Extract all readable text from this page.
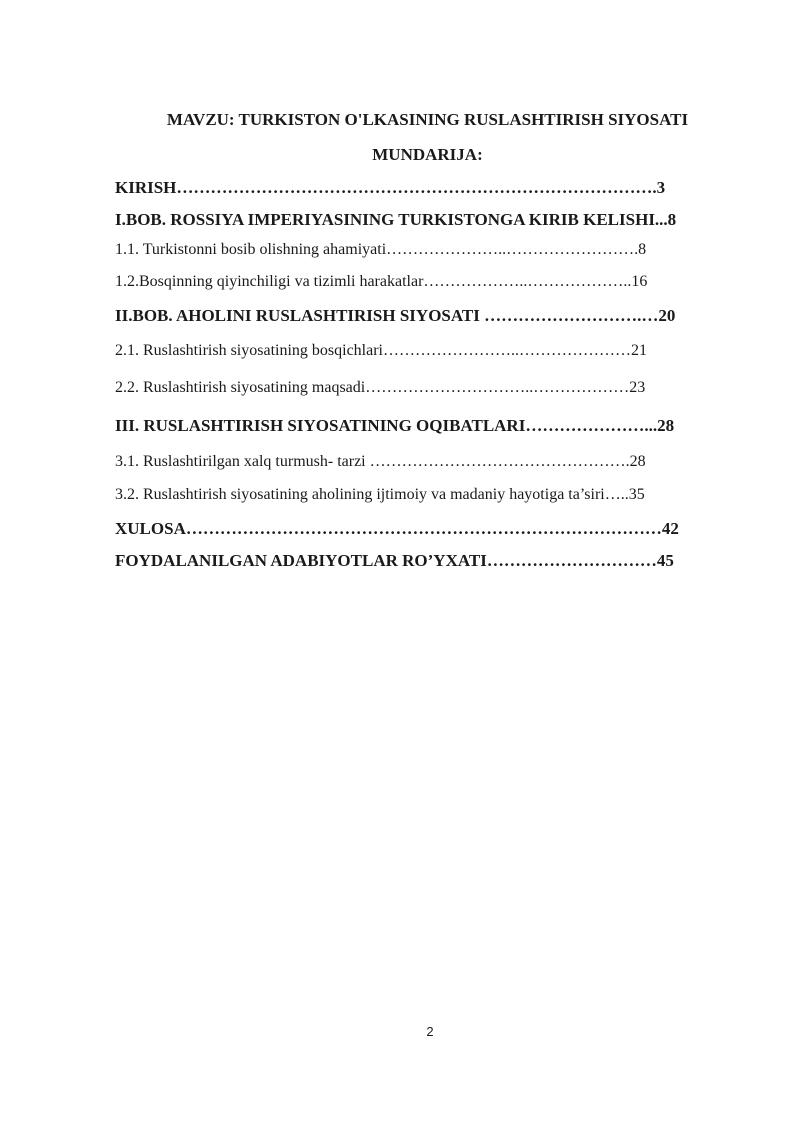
MAVZU: TURKISTON O'LKASINING RUSLASHTIRISH SIYOSATI
MUNDARIJA:
KIRISH………………………………………………………………………….3
I.BOB. ROSSIYA IMPERIYASINING TURKISTONGA KIRIB KELISHI...8
1.1. Turkistonni bosib olishning ahamiyati…………………..…………………….8
1.2.Bosqinning qiyinchiligi va tizimli harakatlar………………..………………..16
II.BOB. AHOLINI RUSLASHTIRISH SIYOSATI ……………………….…20
2.1. Ruslashtirish siyosatining bosqichlari……………………..…………………21
2.2. Ruslashtirish siyosatining maqsadi…………………………..………………23
III. RUSLASHTIRISH SIYOSATINING OQIBATLARI…………………...28
3.1. Ruslashtirilgan xalq turmush- tarzi ………………………………………….28
3.2. Ruslashtirish siyosatining aholining ijtimoiy va madaniy hayotiga ta’siri…..35
XULOSA…………………………………………………………………………42
FOYDALANILGAN ADABIYOTLAR RO’YXATI…………………………45
2
